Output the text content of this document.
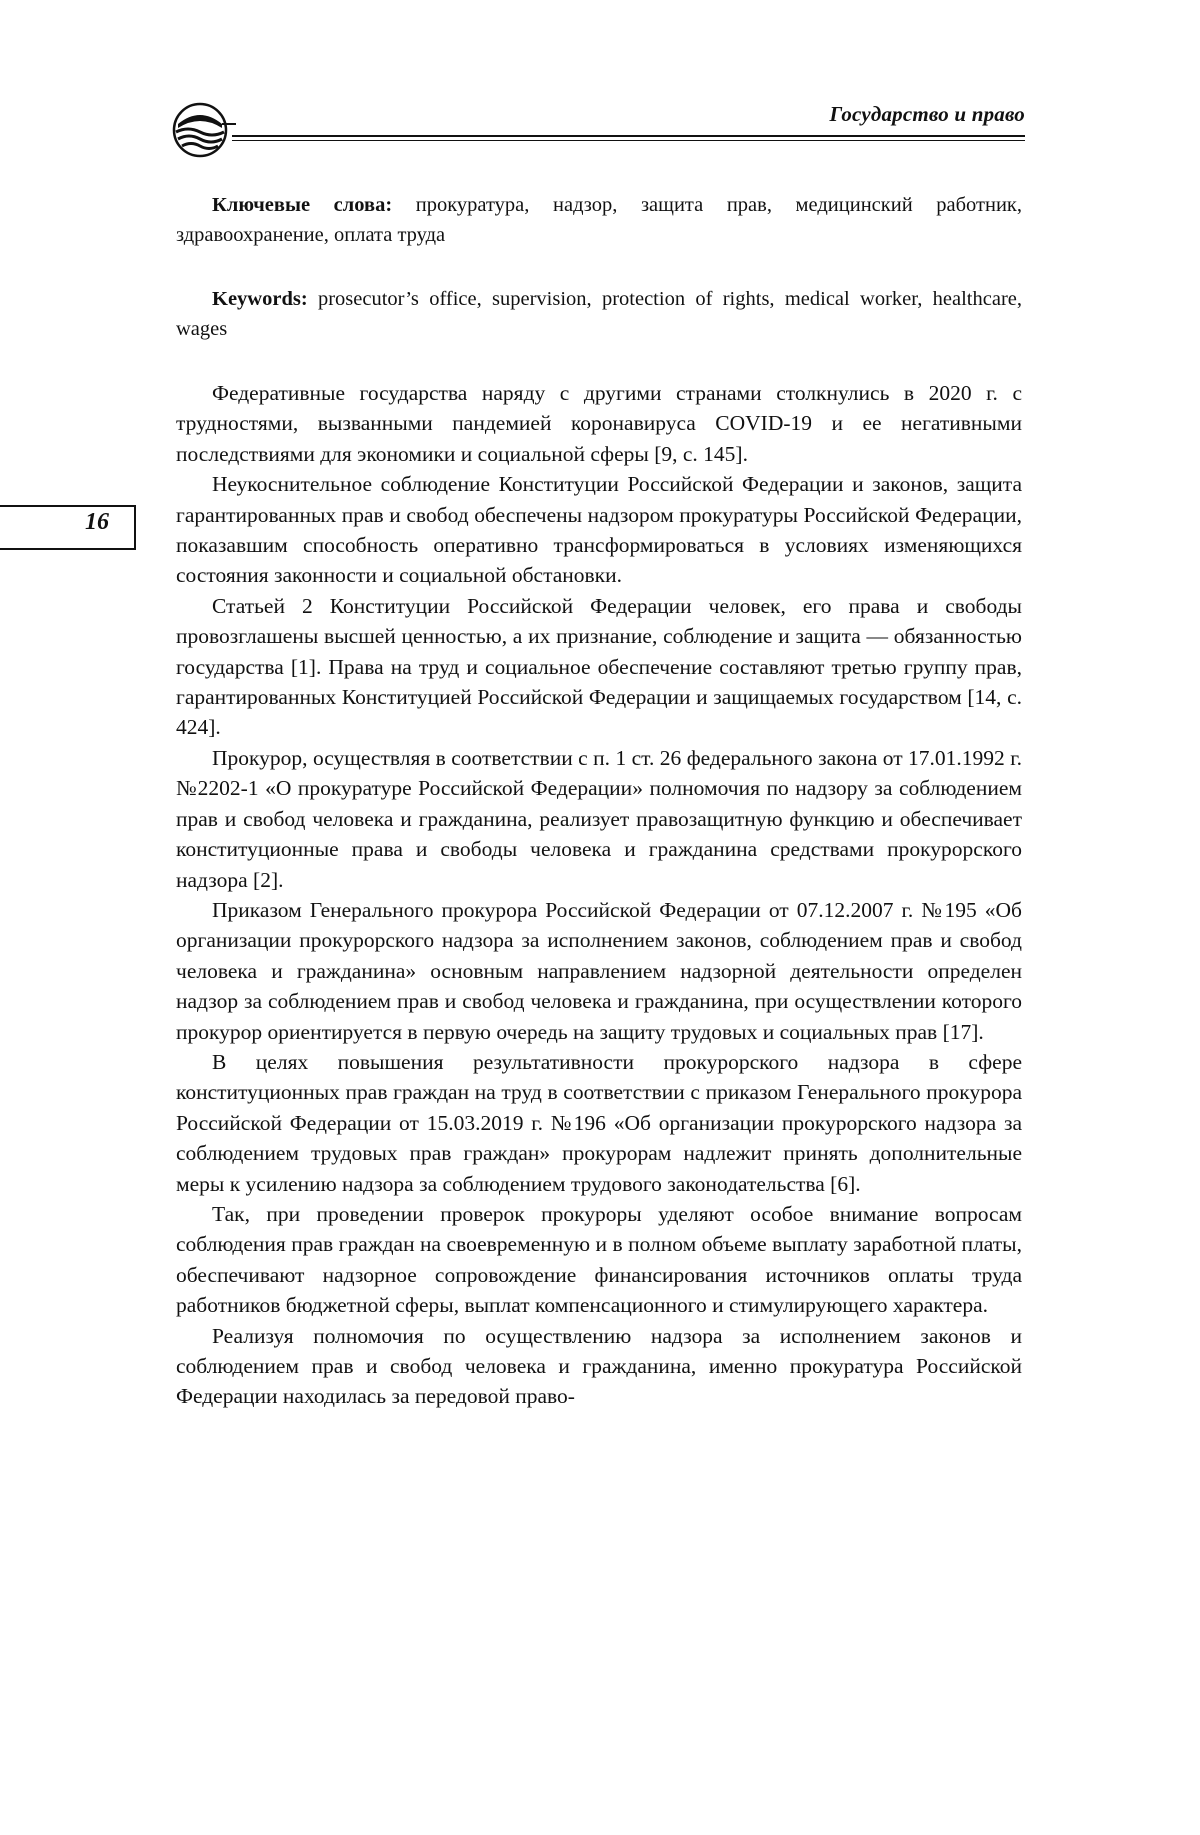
Государство и право
16

Ключевые слова: прокуратура, надзор, защита прав, медицинский работник, здравоохранение, оплата труда

Keywords: prosecutor’s office, supervision, protection of rights, medical worker, healthcare, wages

Федеративные государства наряду с другими странами столкнулись в 2020 г. с трудностями, вызванными пандемией коронавируса COVID-19 и ее негативными последствиями для экономики и социальной сферы [9, с. 145].

Неукоснительное соблюдение Конституции Российской Федерации и законов, защита гарантированных прав и свобод обеспечены надзором прокуратуры Российской Федерации, показавшим способность оперативно трансформироваться в условиях изменяющихся состояния законности и социальной обстановки.

Статьей 2 Конституции Российской Федерации человек, его права и свободы провозглашены высшей ценностью, а их признание, соблюдение и защита — обязанностью государства [1]. Права на труд и социальное обеспечение составляют третью группу прав, гарантированных Конституцией Российской Федерации и защищаемых государством [14, с. 424].

Прокурор, осуществляя в соответствии с п. 1 ст. 26 федерального закона от 17.01.1992 г. №2202-1 «О прокуратуре Российской Федерации» полномочия по надзору за соблюдением прав и свобод человека и гражданина, реализует правозащитную функцию и обеспечивает конституционные права и свободы человека и гражданина средствами прокурорского надзора [2].

Приказом Генерального прокурора Российской Федерации от 07.12.2007 г. №195 «Об организации прокурорского надзора за исполнением законов, соблюдением прав и свобод человека и гражданина» основным направлением надзорной деятельности определен надзор за соблюдением прав и свобод человека и гражданина, при осуществлении которого прокурор ориентируется в первую очередь на защиту трудовых и социальных прав [17].

В целях повышения результативности прокурорского надзора в сфере конституционных прав граждан на труд в соответствии с приказом Генерального прокурора Российской Федерации от 15.03.2019 г. №196 «Об организации прокурорского надзора за соблюдением трудовых прав граждан» прокурорам надлежит принять дополнительные меры к усилению надзора за соблюдением трудового законодательства [6].

Так, при проведении проверок прокуроры уделяют особое внимание вопросам соблюдения прав граждан на своевременную и в полном объеме выплату заработной платы, обеспечивают надзорное сопровождение финансирования источников оплаты труда работников бюджетной сферы, выплат компенсационного и стимулирующего характера.

Реализуя полномочия по осуществлению надзора за исполнением законов и соблюдением прав и свобод человека и гражданина, именно прокуратура Российской Федерации находилась за передовой право-
